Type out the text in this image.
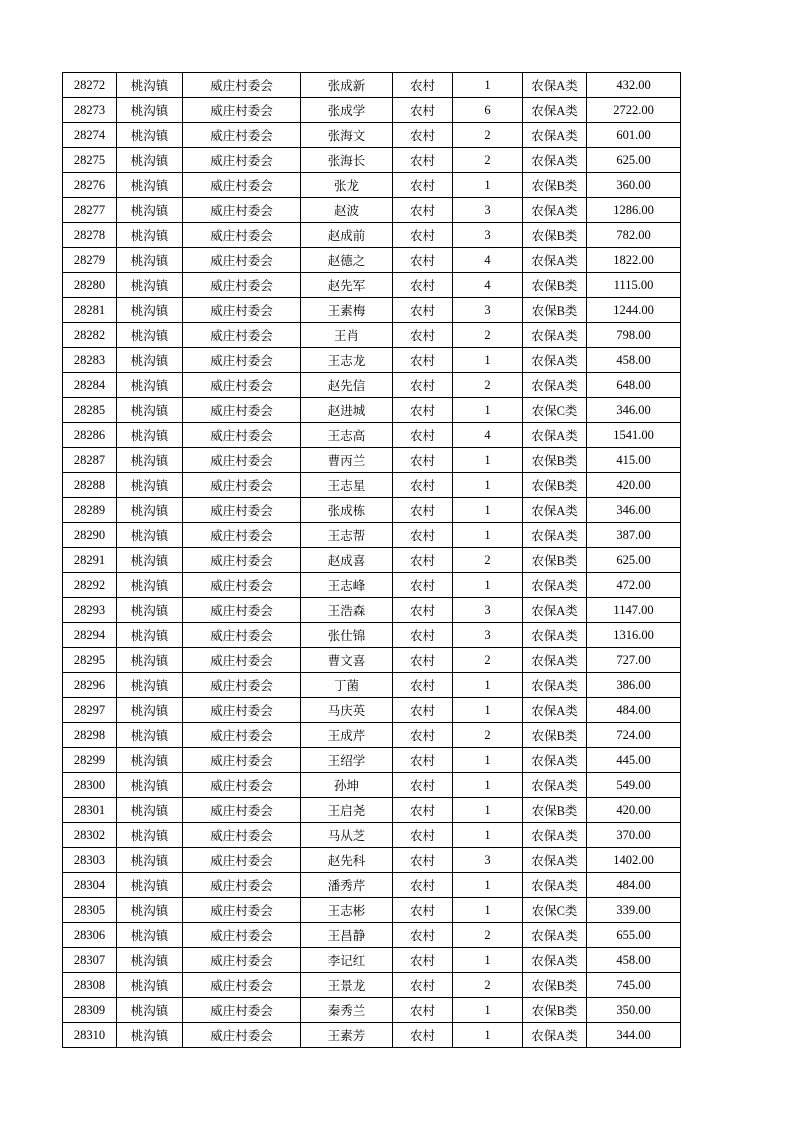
28272	桃沟镇	威庄村委会	张成新	农村	1	农保A类	432.00
28273	桃沟镇	威庄村委会	张成学	农村	6	农保A类	2722.00
28274	桃沟镇	威庄村委会	张海文	农村	2	农保A类	601.00
28275	桃沟镇	威庄村委会	张海长	农村	2	农保A类	625.00
28276	桃沟镇	威庄村委会	张龙	农村	1	农保B类	360.00
28277	桃沟镇	威庄村委会	赵波	农村	3	农保A类	1286.00
28278	桃沟镇	威庄村委会	赵成前	农村	3	农保B类	782.00
28279	桃沟镇	威庄村委会	赵德之	农村	4	农保A类	1822.00
28280	桃沟镇	威庄村委会	赵先军	农村	4	农保B类	1115.00
28281	桃沟镇	威庄村委会	王素梅	农村	3	农保B类	1244.00
28282	桃沟镇	威庄村委会	王肖	农村	2	农保A类	798.00
28283	桃沟镇	威庄村委会	王志龙	农村	1	农保A类	458.00
28284	桃沟镇	威庄村委会	赵先信	农村	2	农保A类	648.00
28285	桃沟镇	威庄村委会	赵进城	农村	1	农保C类	346.00
28286	桃沟镇	威庄村委会	王志高	农村	4	农保A类	1541.00
28287	桃沟镇	威庄村委会	曹丙兰	农村	1	农保B类	415.00
28288	桃沟镇	威庄村委会	王志星	农村	1	农保B类	420.00
28289	桃沟镇	威庄村委会	张成栋	农村	1	农保A类	346.00
28290	桃沟镇	威庄村委会	王志帮	农村	1	农保A类	387.00
28291	桃沟镇	威庄村委会	赵成喜	农村	2	农保B类	625.00
28292	桃沟镇	威庄村委会	王志峰	农村	1	农保A类	472.00
28293	桃沟镇	威庄村委会	王浩森	农村	3	农保A类	1147.00
28294	桃沟镇	威庄村委会	张仕锦	农村	3	农保A类	1316.00
28295	桃沟镇	威庄村委会	曹文喜	农村	2	农保A类	727.00
28296	桃沟镇	威庄村委会	丁菌	农村	1	农保A类	386.00
28297	桃沟镇	威庄村委会	马庆英	农村	1	农保A类	484.00
28298	桃沟镇	威庄村委会	王成芹	农村	2	农保B类	724.00
28299	桃沟镇	威庄村委会	王绍学	农村	1	农保A类	445.00
28300	桃沟镇	威庄村委会	孙坤	农村	1	农保A类	549.00
28301	桃沟镇	威庄村委会	王启尧	农村	1	农保B类	420.00
28302	桃沟镇	威庄村委会	马从芝	农村	1	农保A类	370.00
28303	桃沟镇	威庄村委会	赵先科	农村	3	农保A类	1402.00
28304	桃沟镇	威庄村委会	潘秀芹	农村	1	农保A类	484.00
28305	桃沟镇	威庄村委会	王志彬	农村	1	农保C类	339.00
28306	桃沟镇	威庄村委会	王昌静	农村	2	农保A类	655.00
28307	桃沟镇	威庄村委会	李记红	农村	1	农保A类	458.00
28308	桃沟镇	威庄村委会	王景龙	农村	2	农保B类	745.00
28309	桃沟镇	威庄村委会	秦秀兰	农村	1	农保B类	350.00
28310	桃沟镇	威庄村委会	王素芳	农村	1	农保A类	344.00
